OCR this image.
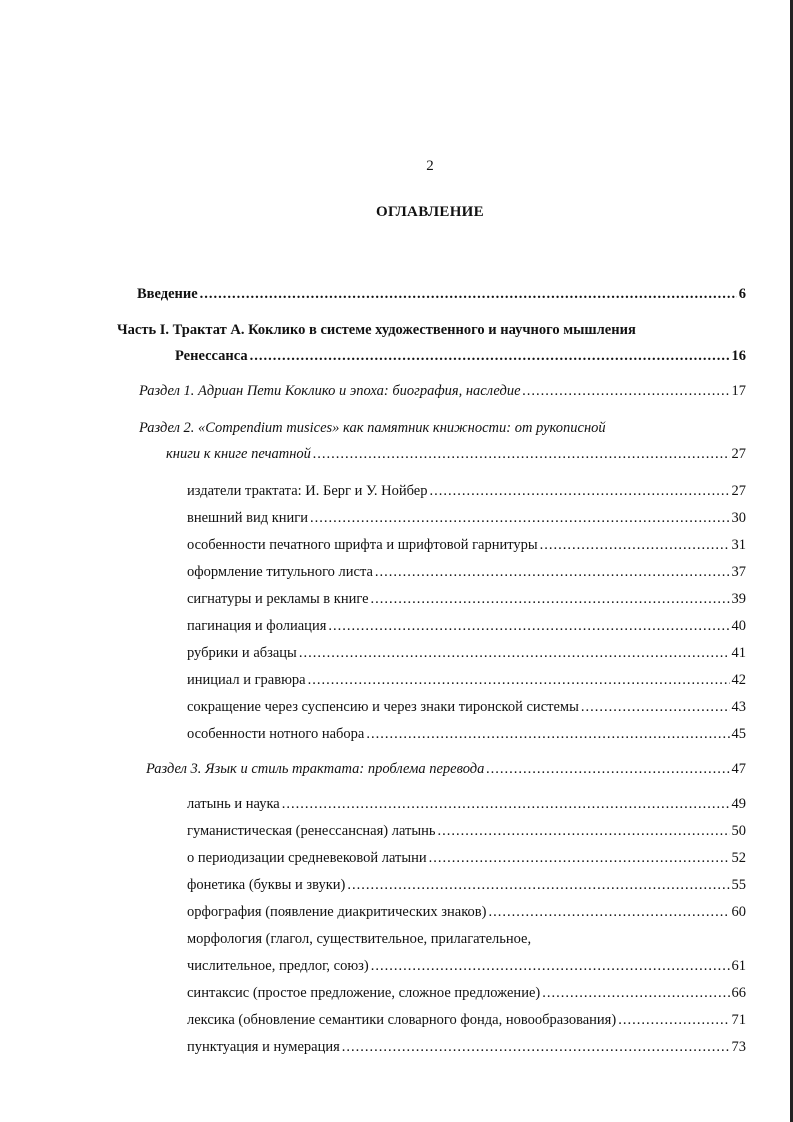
2
ОГЛАВЛЕНИЕ
Введение .....	6
Часть I. Трактат А. Коклико в системе художественного и научного мышления
Ренессанса .....	16
Раздел 1. Адриан Пети Коклико и эпоха: биография, наследие .....	17
Раздел 2. «Compendium musices» как памятник книжности: от рукописной
книги к книге печатной .....	27
издатели трактата: И. Берг и У. Нойбер .....	27
внешний вид книги .....	30
особенности печатного шрифта и шрифтовой гарнитуры .....	31
оформление титульного листа .....	37
сигнатуры и рекламы в книге .....	39
пагинация и фолиация .....	40
рубрики и абзацы .....	41
инициал и гравюра .....	42
сокращение через суспенсию и через знаки тиронской системы .....	43
особенности нотного набора .....	45
Раздел 3. Язык и стиль трактата: проблема перевода .....	47
латынь и наука .....	49
гуманистическая (ренессансная) латынь .....	50
о периодизации средневековой латыни .....	52
фонетика (буквы и звуки) .....	55
орфография (появление диакритических знаков) .....	60
морфология (глагол, существительное, прилагательное,
числительное, предлог, союз) .....	61
синтаксис (простое предложение, сложное предложение) .....	66
лексика (обновление семантики словарного фонда, новообразования) .....	71
пунктуация и нумерация .....	73
